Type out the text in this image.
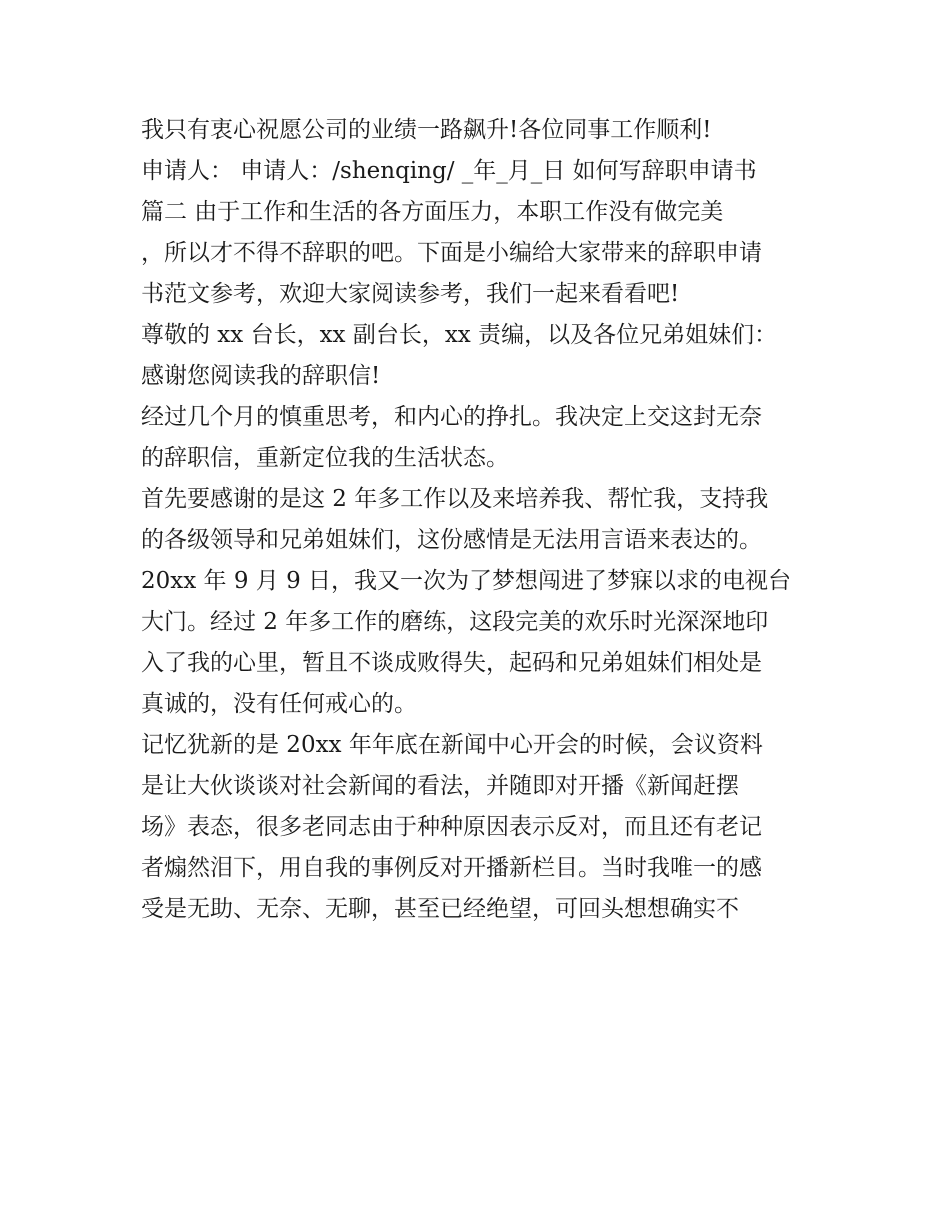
我只有衷心祝愿公司的业绩一路飙升!各位同事工作顺利!
申请人： 申请人：/shenqing/ _年_月_日 如何写辞职申请书
篇二 由于工作和生活的各方面压力，本职工作没有做完美
，所以才不得不辞职的吧。下面是小编给大家带来的辞职申请
书范文参考，欢迎大家阅读参考，我们一起来看看吧!
尊敬的 xx 台长，xx 副台长，xx 责编，以及各位兄弟姐妹们：
感谢您阅读我的辞职信!
经过几个月的慎重思考，和内心的挣扎。我决定上交这封无奈
的辞职信，重新定位我的生活状态。
首先要感谢的是这 2 年多工作以及来培养我、帮忙我，支持我
的各级领导和兄弟姐妹们，这份感情是无法用言语来表达的。
20xx 年 9 月 9 日，我又一次为了梦想闯进了梦寐以求的电视台
大门。经过 2 年多工作的磨练，这段完美的欢乐时光深深地印
入了我的心里，暂且不谈成败得失，起码和兄弟姐妹们相处是
真诚的，没有任何戒心的。
记忆犹新的是 20xx 年年底在新闻中心开会的时候，会议资料
是让大伙谈谈对社会新闻的看法，并随即对开播《新闻赶摆
场》表态，很多老同志由于种种原因表示反对，而且还有老记
者煽然泪下，用自我的事例反对开播新栏目。当时我唯一的感
受是无助、无奈、无聊，甚至已经绝望，可回头想想确实不
